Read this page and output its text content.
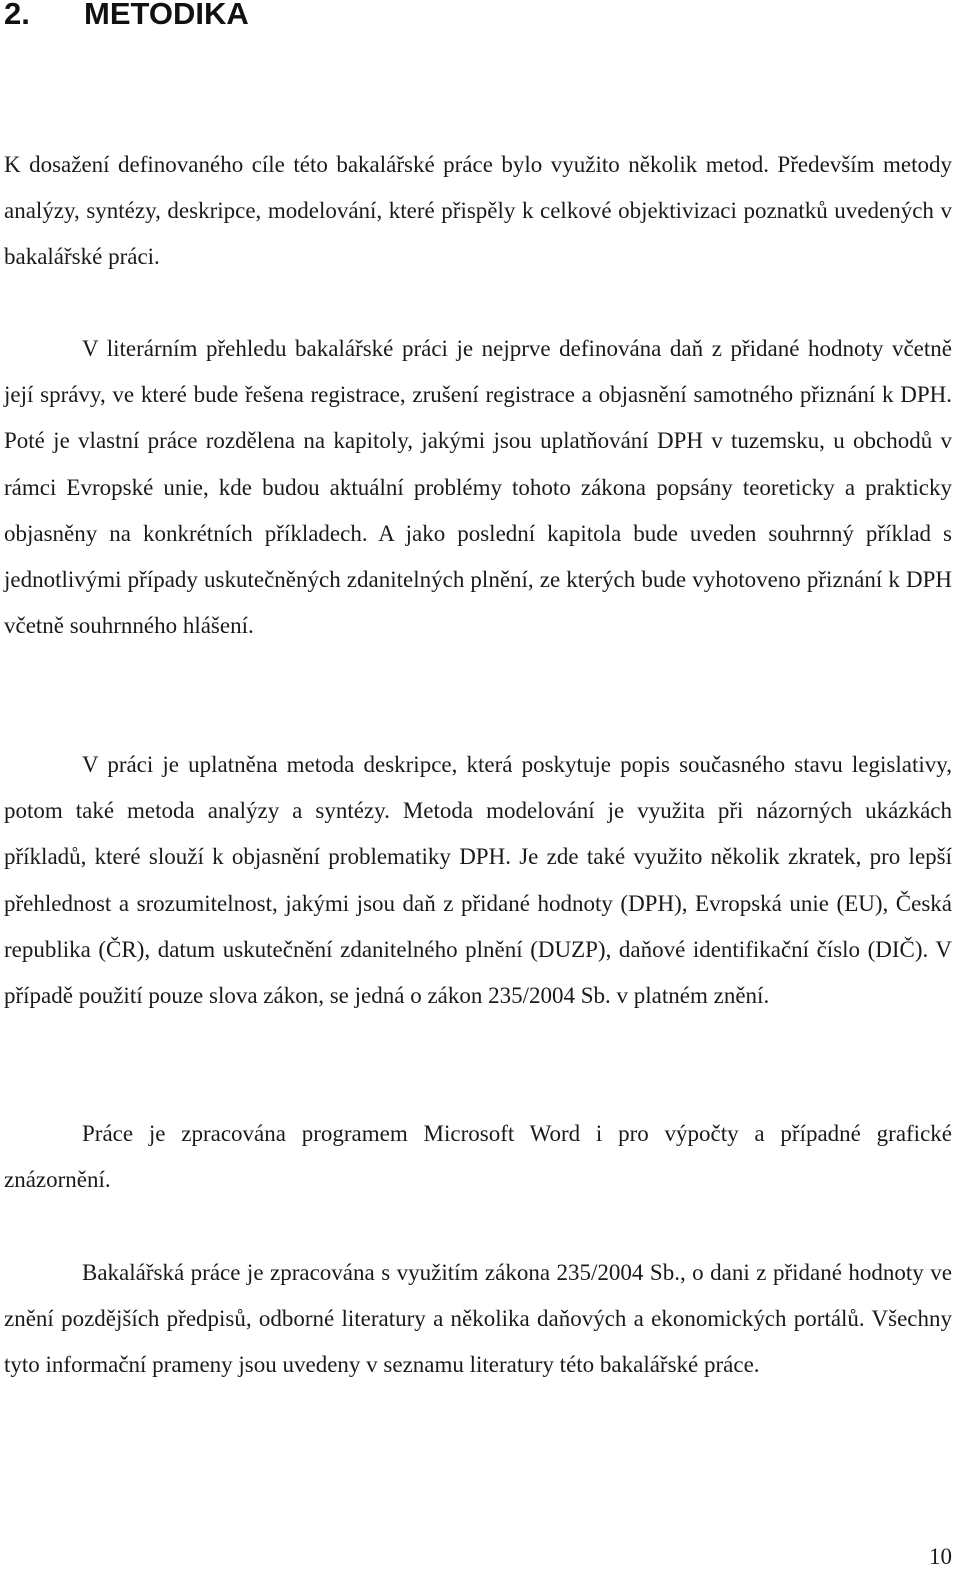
2. METODIKA

K dosažení definovaného cíle této bakalářské práce bylo využito několik metod. Především metody analýzy, syntézy, deskripce, modelování, které přispěly k celkové objektivizaci poznatků uvedených v bakalářské práci.

V literárním přehledu bakalářské práci je nejprve definována daň z přidané hodnoty včetně její správy, ve které bude řešena registrace, zrušení registrace a objasnění samotného přiznání k DPH. Poté je vlastní práce rozdělena na kapitoly, jakými jsou uplatňování DPH v tuzemsku, u obchodů v rámci Evropské unie, kde budou aktuální problémy tohoto zákona popsány teoreticky a prakticky objasněny na konkrétních příkladech. A jako poslední kapitola bude uveden souhrnný příklad s jednotlivými případy uskutečněných zdanitelných plnění, ze kterých bude vyhotoveno přiznání k DPH včetně souhrnného hlášení.

V práci je uplatněna metoda deskripce, která poskytuje popis současného stavu legislativy, potom také metoda analýzy a syntézy. Metoda modelování je využita při názorných ukázkách příkladů, které slouží k objasnění problematiky DPH. Je zde také využito několik zkratek, pro lepší přehlednost a srozumitelnost, jakými jsou daň z přidané hodnoty (DPH), Evropská unie (EU), Česká republika (ČR), datum uskutečnění zdanitelného plnění (DUZP), daňové identifikační číslo (DIČ). V případě použití pouze slova zákon, se jedná o zákon 235/2004 Sb. v platném znění.

Práce je zpracována programem Microsoft Word i pro výpočty a případné grafické znázornění.

Bakalářská práce je zpracována s využitím zákona 235/2004 Sb., o dani z přidané hodnoty ve znění pozdějších předpisů, odborné literatury a několika daňových a ekonomických portálů. Všechny tyto informační prameny jsou uvedeny v seznamu literatury této bakalářské práce.

10
